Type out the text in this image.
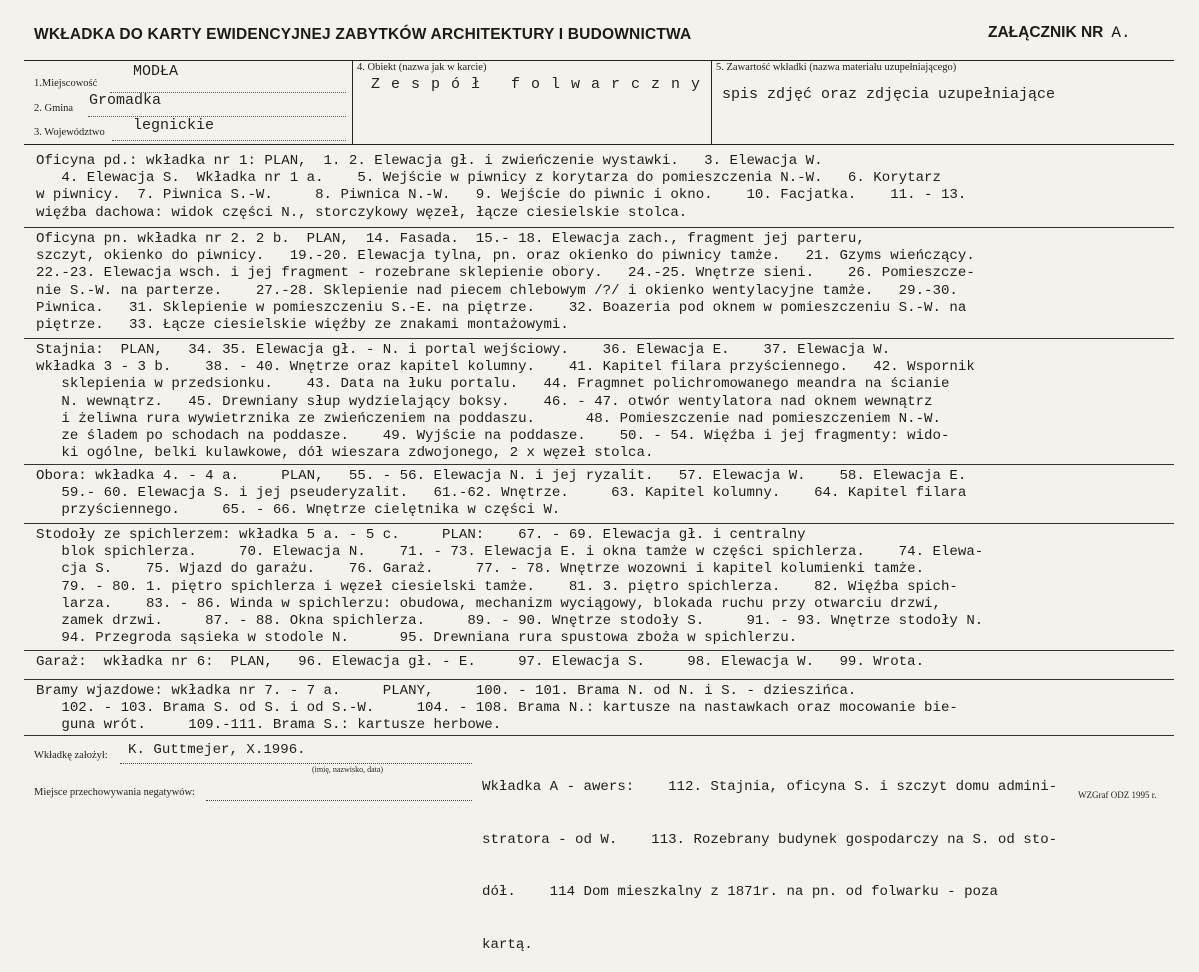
WKŁADKA DO KARTY EWIDENCYJNEJ ZABYTKÓW ARCHITEKTURY I BUDOWNICTWA	ZAŁĄCZNIK NR A.
1.Miejscowość
MODŁA
2. Gmina Gromadka
3. Województwo legnickie
4. Obiekt (nazwa jak w karcie)
Zespół folwarczny
5. Zawartość wkładki (nazwa materiału uzupełniającego)
spis zdjęć oraz zdjęcia uzupełniające
Oficyna pd.: wkładka nr 1: PLAN,  1. 2. Elewacja gł. i zwieńczenie wystawki.   3. Elewacja W.
4. Elewacja S.  Wkładka nr 1 a.    5. Wejście w piwnicy z korytarza do pomieszczenia N.-W.   6. Korytarz
w piwnicy.  7. Piwnica S.-W.     8. Piwnica N.-W.   9. Wejście do piwnic i okno.    10. Facjatka.    11. - 13.
więźba dachowa: widok części N., storczykowy węzeł, łącze ciesielskie stolca.
Oficyna pn. wkładka nr 2. 2 b.  PLAN,  14. Fasada.  15.- 18. Elewacja zach., fragment jej parteru,
szczyt, okienko do piwnicy.   19.-20. Elewacja tylna, pn. oraz okienko do piwnicy tamże.   21. Gzyms wieńczący.
22.-23. Elewacja wsch. i jej fragment - rozebrane sklepienie obory.   24.-25. Wnętrze sieni.    26. Pomieszcze-
nie S.-W. na parterze.    27.-28. Sklepienie nad piecem chlebowym /?/ i okienko wentylacyjne tamże.   29.-30.
Piwnica.   31. Sklepienie w pomieszczeniu S.-E. na piętrze.    32. Boazeria pod oknem w pomieszczeniu S.-W. na
piętrze.   33. Łącze ciesielskie więźby ze znakami montażowymi.
Stajnia:  PLAN,   34. 35. Elewacja gł. - N. i portal wejściowy.    36. Elewacja E.    37. Elewacja W.
wkładka 3 - 3 b.    38. - 40. Wnętrze oraz kapitel kolumny.    41. Kapitel filara przyściennego.   42. Wspornik
sklepienia w przedsionku.    43. Data na łuku portalu.   44. Fragmnet polichromowanego meandra na ścianie
N. wewnątrz.   45. Drewniany słup wydzielający boksy.    46. - 47. otwór wentylatora nad oknem wewnątrz
i żeliwna rura wywietrznika ze zwieńczeniem na poddaszu.      48. Pomieszczenie nad pomieszczeniem N.-W.
ze śladem po schodach na poddasze.    49. Wyjście na poddasze.    50. - 54. Więźba i jej fragmenty: wido-
ki ogólne, belki kulawkowe, dół wieszara zdwojonego, 2 x węzeł stolca.
Obora: wkładka 4. - 4 a.     PLAN,   55. - 56. Elewacja N. i jej ryzalit.   57. Elewacja W.    58. Elewacja E.
59.- 60. Elewacja S. i jej pseuderyzalit.   61.-62. Wnętrze.     63. Kapitel kolumny.    64. Kapitel filara
przyściennego.     65. - 66. Wnętrze cielętnika w części W.
Stodoły ze spichlerzem: wkładka 5 a. - 5 c.     PLAN:    67. - 69. Elewacja gł. i centralny
blok spichlerza.     70. Elewacja N.    71. - 73. Elewacja E. i okna tamże w części spichlerza.    74. Elewa-
cja S.    75. Wjazd do garażu.    76. Garaż.     77. - 78. Wnętrze wozowni i kapitel kolumienki tamże.
79. - 80. 1. piętro spichlerza i węzeł ciesielski tamże.    81. 3. piętro spichlerza.    82. Więźba spich-
larza.    83. - 86. Winda w spichlerzu: obudowa, mechanizm wyciągowy, blokada ruchu przy otwarciu drzwi,
zamek drzwi.     87. - 88. Okna spichlerza.     89. - 90. Wnętrze stodoły S.     91. - 93. Wnętrze stodoły N.
94. Przegroda sąsieka w stodole N.      95. Drewniana rura spustowa zboża w spichlerzu.
Garaż:  wkładka nr 6:  PLAN,   96. Elewacja gł. - E.     97. Elewacja S.     98. Elewacja W.   99. Wrota.
Bramy wjazdowe: wkładka nr 7. - 7 a.     PLANY,     100. - 101. Brama N. od N. i S. - dzieszińca.
102. - 103. Brama S. od S. i od S.-W.     104. - 108. Brama N.: kartusze na nastawkach oraz mocowanie bie-
guna wrót.     109.-111. Brama S.: kartusze herbowe.
Wkładkę założył: K. Guttmejer, X.1996.
(imię, nazwisko, data)
Miejsce przechowywania negatywów:

	Wkładka A - awers:    112. Stajnia, oficyna S. i szczyt domu admini-

stratora - od W.    113. Rozebrany budynek gospodarczy na S. od sto-

dół.    114 Dom mieszkalny z 1871r. na pn. od folwarku - poza

kartą.

WZGraf ODZ 1995 r.
